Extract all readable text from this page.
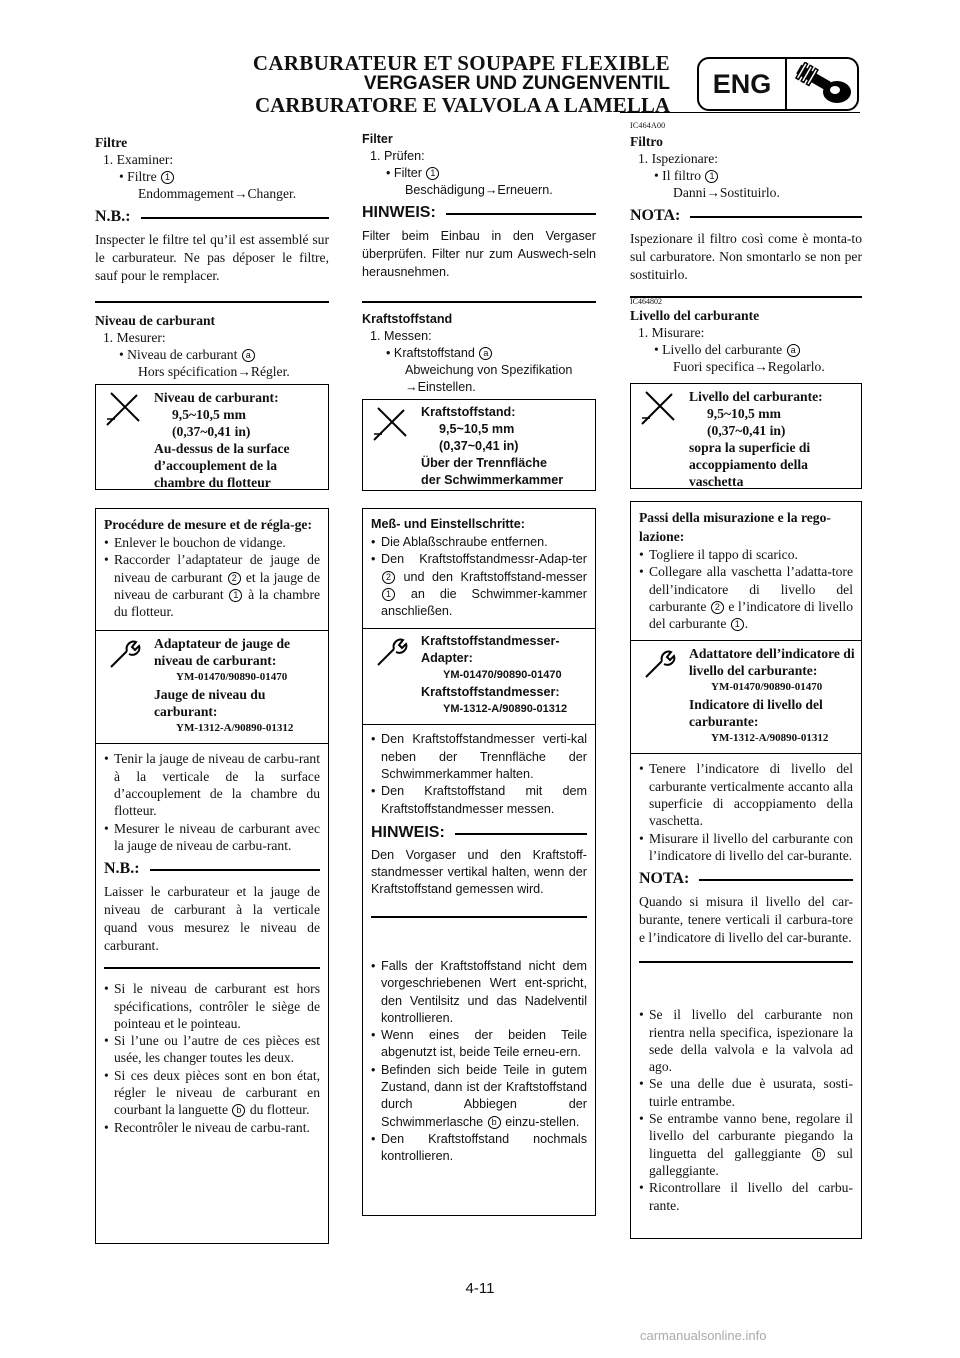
CARBURATEUR ET SOUPAPE FLEXIBLE
VERGASER UND ZUNGENVENTIL
CARBURATORE E VALVOLA A LAMELLA
ENG
Filtre
1. Examiner:
• Filtre 1
Endommagement→Changer.
N.B.:
Inspecter le filtre tel qu’il est assemblé sur le carburateur. Ne pas déposer le filtre, sauf pour le remplacer.
Niveau de carburant
1. Mesurer:
• Niveau de carburant a
Hors spécification→Régler.
Niveau de carburant:
9,5~10,5 mm
(0,37~0,41 in)
Au-dessus de la surface
d’accouplement de la
chambre du flotteur
Procédure de mesure et de régla-ge:
• Enlever le bouchon de vidange.
• Raccorder l’adaptateur de jauge de niveau de carburant 2 et la jauge de niveau de carburant 1 à la chambre du flotteur.
Adaptateur de jauge de niveau de carburant:
YM-01470/90890-01470
Jauge de niveau du carburant:
YM-1312-A/90890-01312
• Tenir la jauge de niveau de carbu-rant à la verticale de la surface d’accouplement de la chambre du flotteur.
• Mesurer le niveau de carburant avec la jauge de niveau de carbu-rant.
N.B.:
Laisser le carburateur et la jauge de niveau de carburant à la verticale quand vous mesurez le niveau de carburant.
• Si le niveau de carburant est hors spécifications, contrôler le siège de pointeau et le pointeau.
• Si l’une ou l’autre de ces pièces est usée, les changer toutes les deux.
• Si ces deux pièces sont en bon état, régler le niveau de carburant en courbant la languette b du flotteur.
• Recontrôler le niveau de carbu-rant.
Filter
1. Prüfen:
• Filter 1
Beschädigung→Erneuern.
HINWEIS:
Filter beim Einbau in den Vergaser überprüfen. Filter nur zum Auswech-seln herausnehmen.
Kraftstoffstand
1. Messen:
• Kraftstoffstand a
Abweichung von Spezifikation
→Einstellen.
Kraftstoffstand:
9,5~10,5 mm
(0,37~0,41 in)
Über der Trennfläche
der Schwimmerkammer
Meß- und Einstellschritte:
• Die Ablaßschraube entfernen.
• Den Kraftstoffstandmessr-Adap-ter 2 und den Kraftstoffstand-messer 1 an die Schwimmer-kammer anschließen.
Kraftstoffstandmesser-Adapter:
YM-01470/90890-01470
Kraftstoffstandmesser:
YM-1312-A/90890-01312
• Den Kraftstoffstandmesser verti-kal neben der Trennfläche der Schwimmerkammer halten.
• Den Kraftstoffstand mit dem Kraftstoffstandmesser messen.
HINWEIS:
Den Vorgaser und den Kraftstoff-standmesser vertikal halten, wenn der Kraftstoffstand gemessen wird.
• Falls der Kraftstoffstand nicht dem vorgeschriebenen Wert ent-spricht, den Ventilsitz und das Nadelventil kontrollieren.
• Wenn eines der beiden Teile abgenutzt ist, beide Teile erneu-ern.
• Befinden sich beide Teile in gutem Zustand, dann ist der Kraftstoffstand durch Abbiegen der Schwimmerlasche b einzu-stellen.
• Den Kraftstoffstand nochmals kontrollieren.
IC464A00
Filtro
1. Ispezionare:
• Il filtro 1
Danni→Sostituirlo.
NOTA:
Ispezionare il filtro così come è monta-to sul carburatore. Non smontarlo se non per sostituirlo.
IC464802
Livello del carburante
1. Misurare:
• Livello del carburante a
Fuori specifica→Regolarlo.
Livello del carburante:
9,5~10,5 mm
(0,37~0,41 in)
sopra la superficie di
accoppiamento della
vaschetta
Passi della misurazione e la rego-lazione:
• Togliere il tappo di scarico.
• Collegare alla vaschetta l’adatta-tore dell’indicatore di livello del carburante 2 e l’indicatore di livello del carburante 1 .
Adattatore dell’indicatore di livello del carburante:
YM-01470/90890-01470
Indicatore di livello del carburante:
YM-1312-A/90890-01312
• Tenere l’indicatore di livello del carburante verticalmente accanto alla superficie di accoppiamento della vaschetta.
• Misurare il livello del carburante con l’indicatore di livello del car-burante.
NOTA:
Quando si misura il livello del car-burante, tenere verticali il carbura-tore e l’indicatore di livello del car-burante.
• Se il livello del carburante non rientra nella specifica, ispezionare la sede della valvola e la valvola ad ago.
• Se una delle due è usurata, sosti-tuirle entrambe.
• Se entrambe vanno bene, regolare il livello del carburante piegando la linguetta del galleggiante b sul galleggiante.
• Ricontrollare il livello del carbu-rante.
4-11
carmanualsonline.info
